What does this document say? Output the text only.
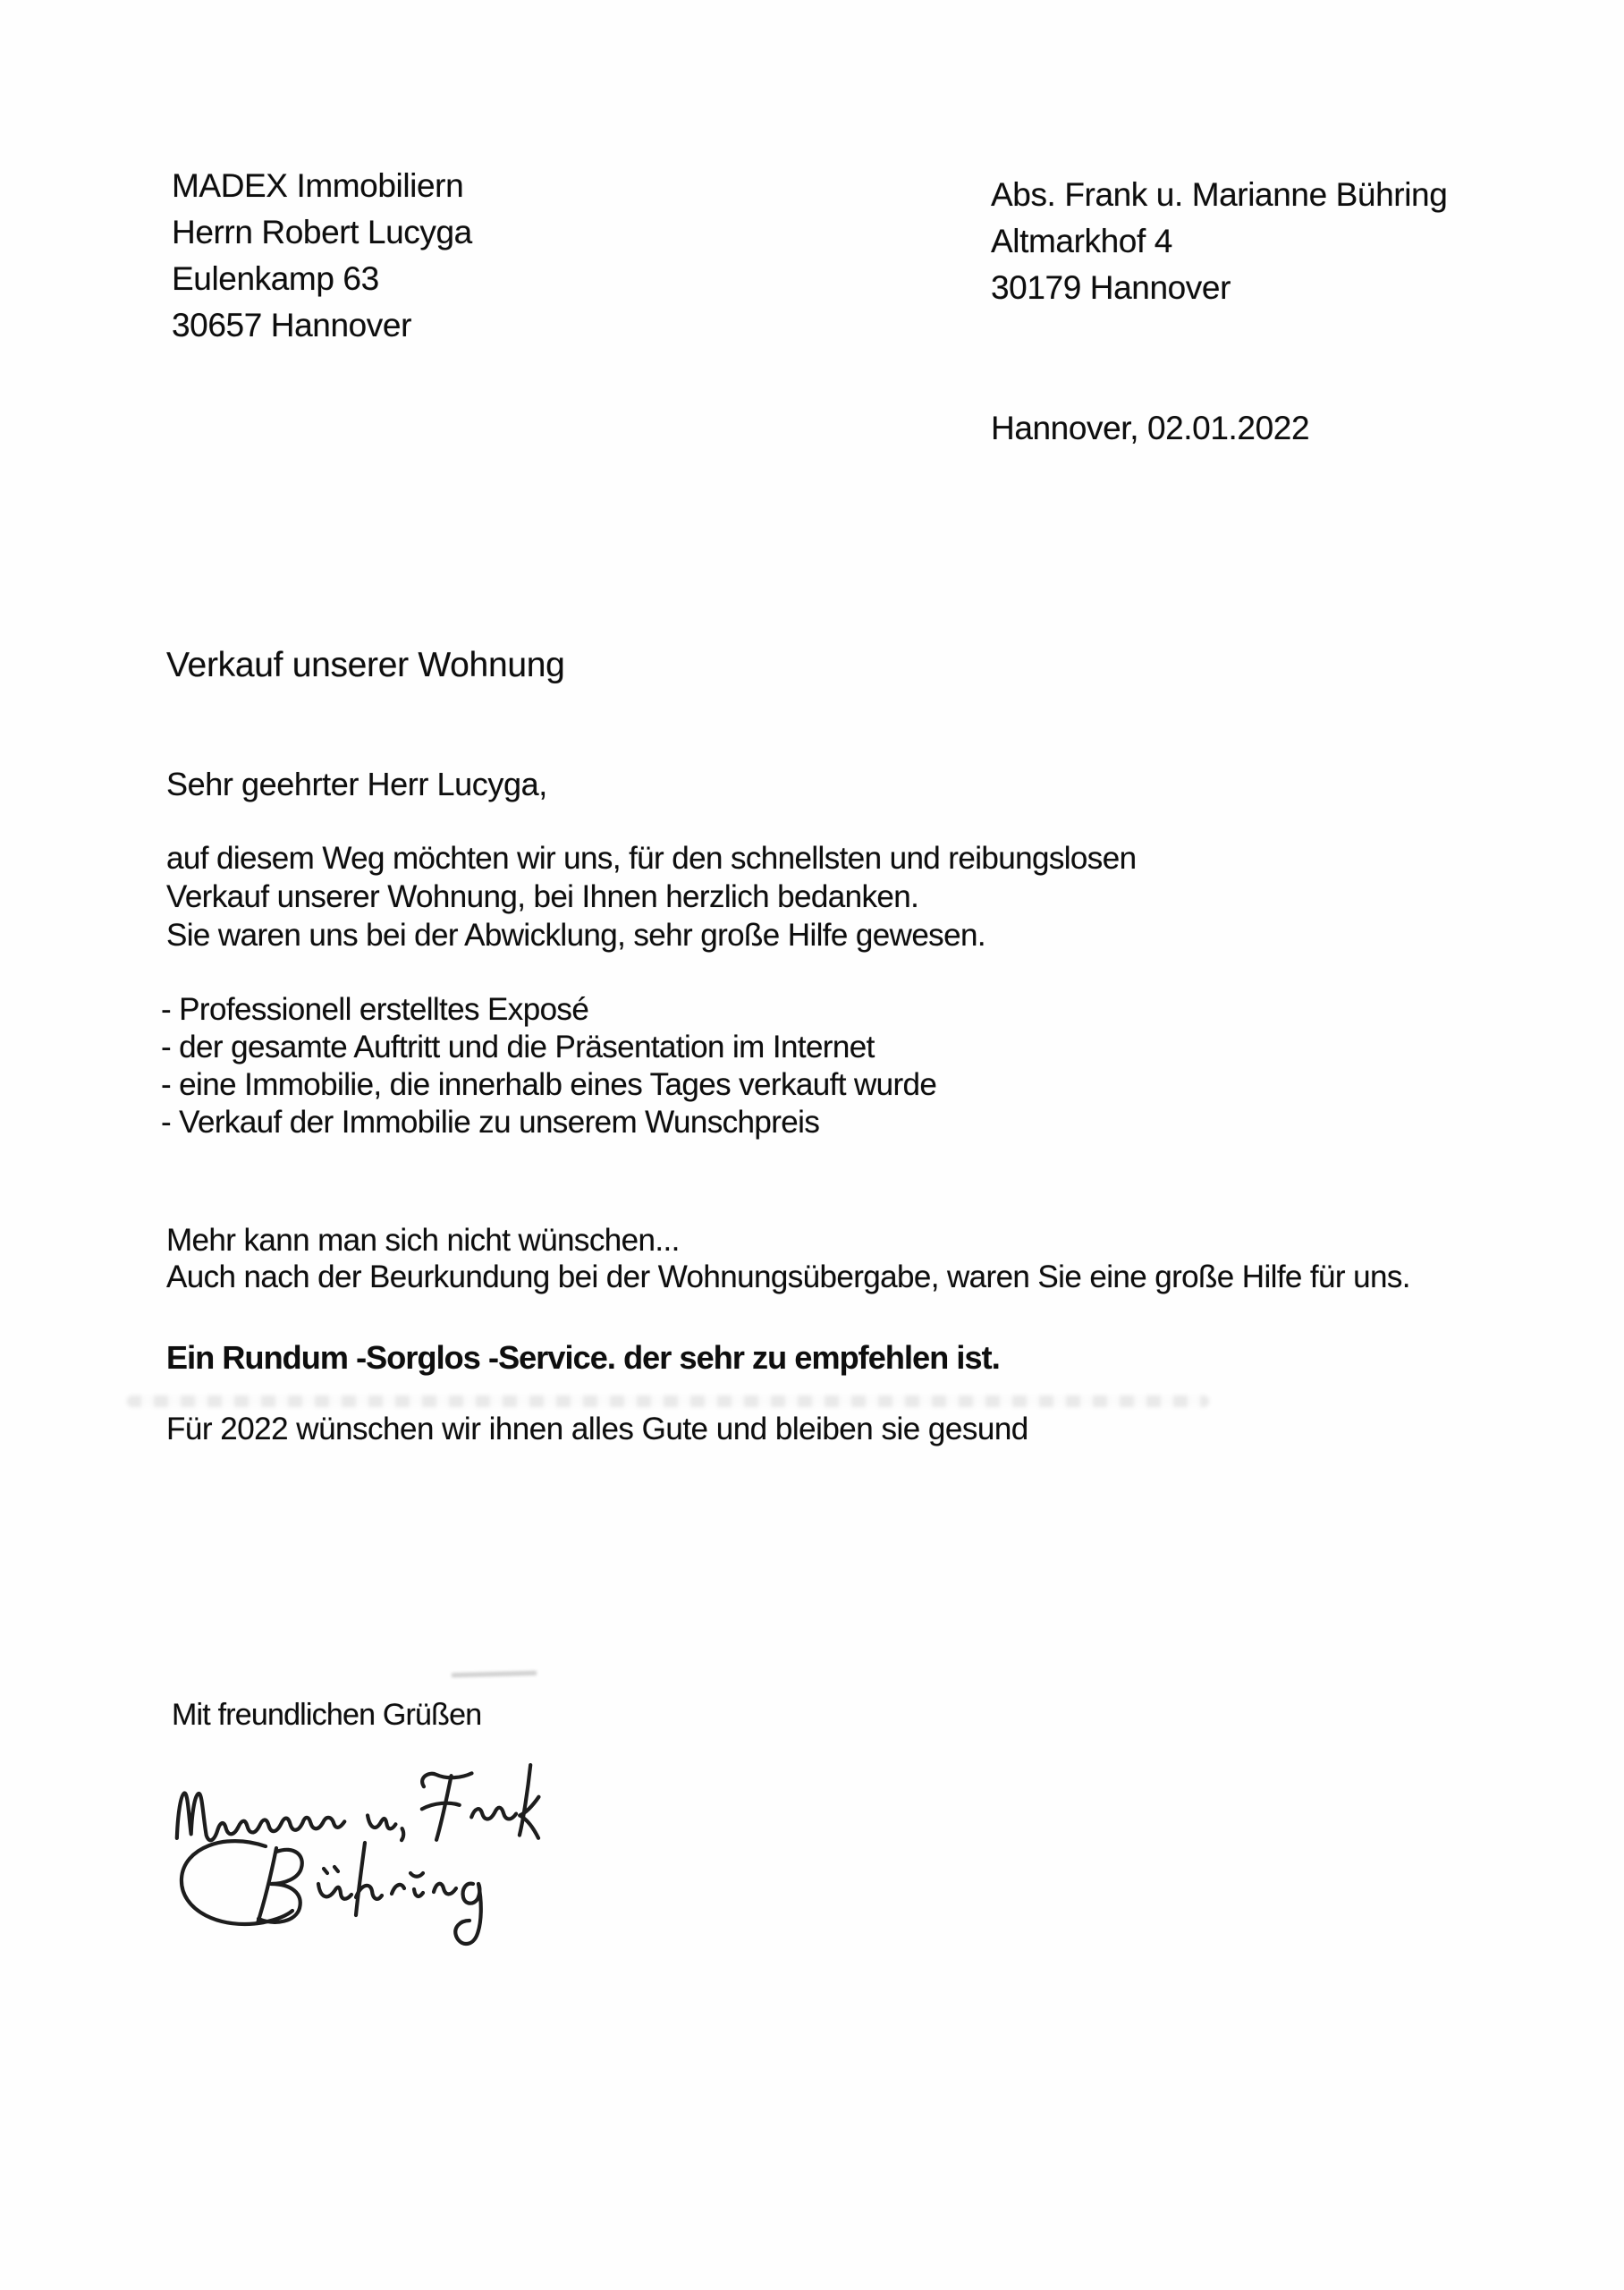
MADEX Immobiliern
Herrn Robert Lucyga
Eulenkamp 63
30657 Hannover
Abs. Frank u. Marianne Bühring
Altmarkhof 4
30179 Hannover
Hannover, 02.01.2022
Verkauf unserer Wohnung
Sehr geehrter Herr Lucyga,
auf diesem Weg möchten wir uns, für den schnellsten und reibungslosen
Verkauf unserer Wohnung, bei Ihnen herzlich bedanken.
Sie waren uns bei der Abwicklung, sehr große Hilfe gewesen.
- Professionell erstelltes Exposé
- der gesamte Auftritt und die Präsentation im Internet
- eine Immobilie, die innerhalb eines Tages verkauft wurde
- Verkauf der Immobilie zu unserem Wunschpreis
Mehr kann man sich nicht wünschen...
Auch nach der Beurkundung bei der Wohnungsübergabe, waren Sie eine große Hilfe für uns.
Ein Rundum -Sorglos -Service. der sehr zu empfehlen ist.
Für 2022 wünschen wir ihnen alles Gute und bleiben sie gesund
Mit freundlichen Grüßen
